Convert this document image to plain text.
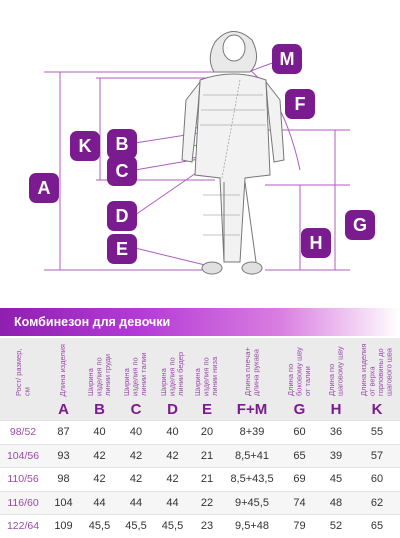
A
K	B
C
D
E
M
F
G
H
Комбинезон для девочки
Рост/ размер, см	Длина изделия	Ширина изделия по линии груди	Ширина изделия по линии талии	Ширина изделия по линии бедер	Ширина изделия по линии низа	Длина плеча+ длина рукава	Длина по боковому шву от талии	Длина по шаговому шву	Длина изделия от верха горловины до шагового шва

	A	B	C	D	E	F+M	G	H	K
98/52	87	40	40	40	20	8+39	60	36	55
104/56	93	42	42	42	21	8,5+41	65	39	57
110/56	98	42	42	42	21	8,5+43,5	69	45	60
116/60	104	44	44	44	22	9+45,5	74	48	62
122/64	109	45,5	45,5	45,5	23	9,5+48	79	52	65
